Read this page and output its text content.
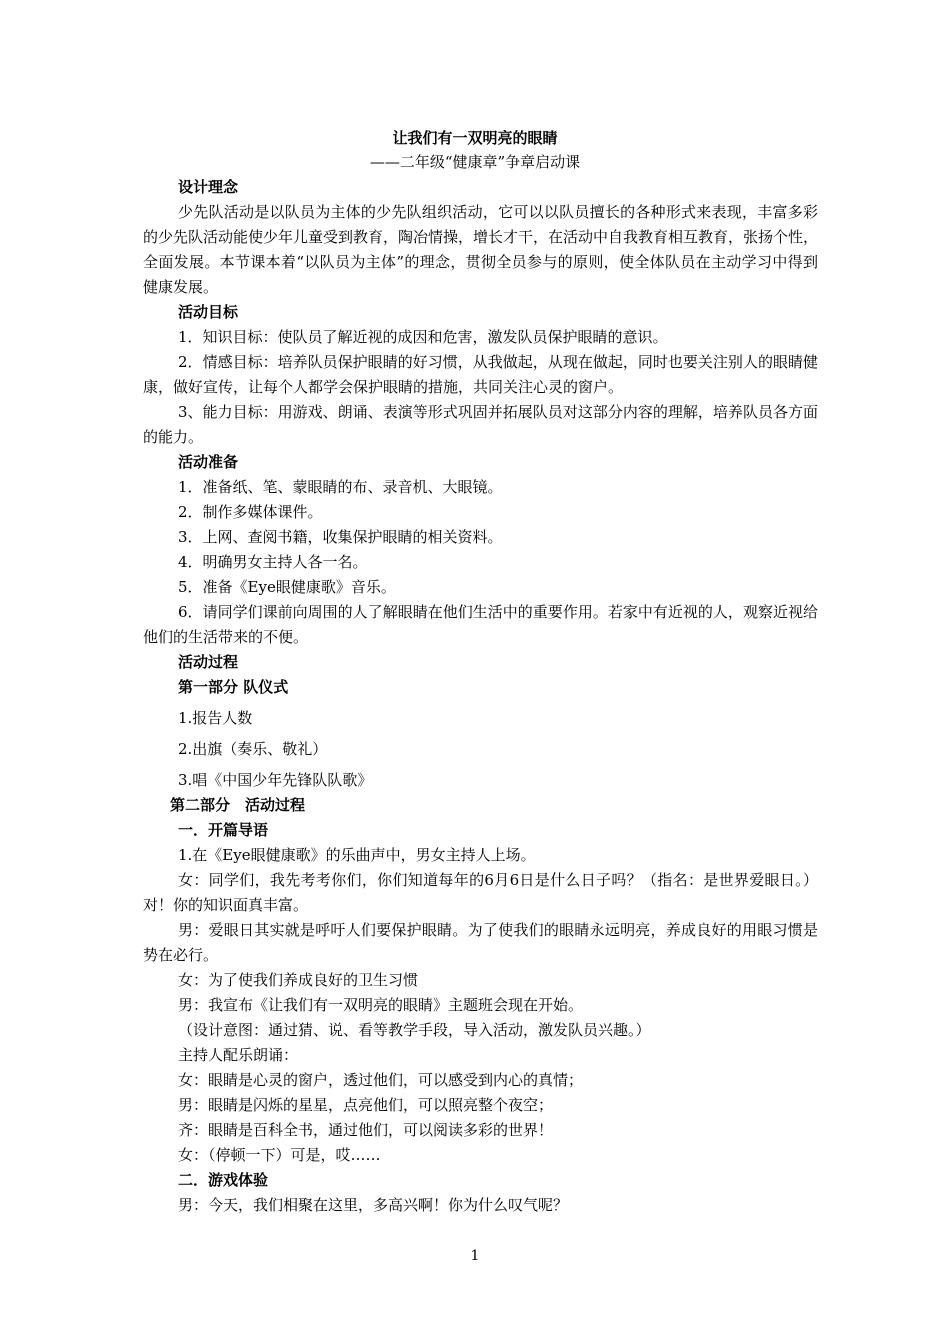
让我们有一双明亮的眼睛
——二年级“健康章”争章启动课

设计理念

少先队活动是以队员为主体的少先队组织活动，它可以以队员擅长的各种形式来表现，丰富多彩的少先队活动能使少年儿童受到教育，陶冶情操，增长才干，在活动中自我教育相互教育，张扬个性，全面发展。本节课本着“以队员为主体”的理念，贯彻全员参与的原则，使全体队员在主动学习中得到健康发展。

活动目标

1．知识目标：使队员了解近视的成因和危害，激发队员保护眼睛的意识。

2．情感目标：培养队员保护眼睛的好习惯，从我做起，从现在做起，同时也要关注别人的眼睛健康，做好宣传，让每个人都学会保护眼睛的措施，共同关注心灵的窗户。

3、能力目标：用游戏、朗诵、表演等形式巩固并拓展队员对这部分内容的理解，培养队员各方面的能力。

活动准备

1．准备纸、笔、蒙眼睛的布、录音机、大眼镜。

2．制作多媒体课件。

3．上网、查阅书籍，收集保护眼睛的相关资料。

4．明确男女主持人各一名。

5．准备《Eye眼健康歌》音乐。

6．请同学们课前向周围的人了解眼睛在他们生活中的重要作用。若家中有近视的人，观察近视给他们的生活带来的不便。

活动过程

第一部分 队仪式

1.报告人数

2.出旗（奏乐、敬礼）

3.唱《中国少年先锋队队歌》

第二部分　活动过程

一．开篇导语

1.在《Eye眼健康歌》的乐曲声中，男女主持人上场。

女：同学们，我先考考你们，你们知道每年的6月6日是什么日子吗？（指名：是世界爱眼日。）对！你的知识面真丰富。

男：爱眼日其实就是呼吁人们要保护眼睛。为了使我们的眼睛永远明亮，养成良好的用眼习惯是势在必行。

女：为了使我们养成良好的卫生习惯

男：我宣布《让我们有一双明亮的眼睛》主题班会现在开始。

（设计意图：通过猜、说、看等教学手段，导入活动，激发队员兴趣。）

主持人配乐朗诵：

女：眼睛是心灵的窗户，透过他们，可以感受到内心的真情；

男：眼睛是闪烁的星星，点亮他们，可以照亮整个夜空；

齐：眼睛是百科全书，通过他们，可以阅读多彩的世界！

女：（停顿一下）可是，哎……

二．游戏体验

男：今天，我们相聚在这里，多高兴啊！你为什么叹气呢？

1
